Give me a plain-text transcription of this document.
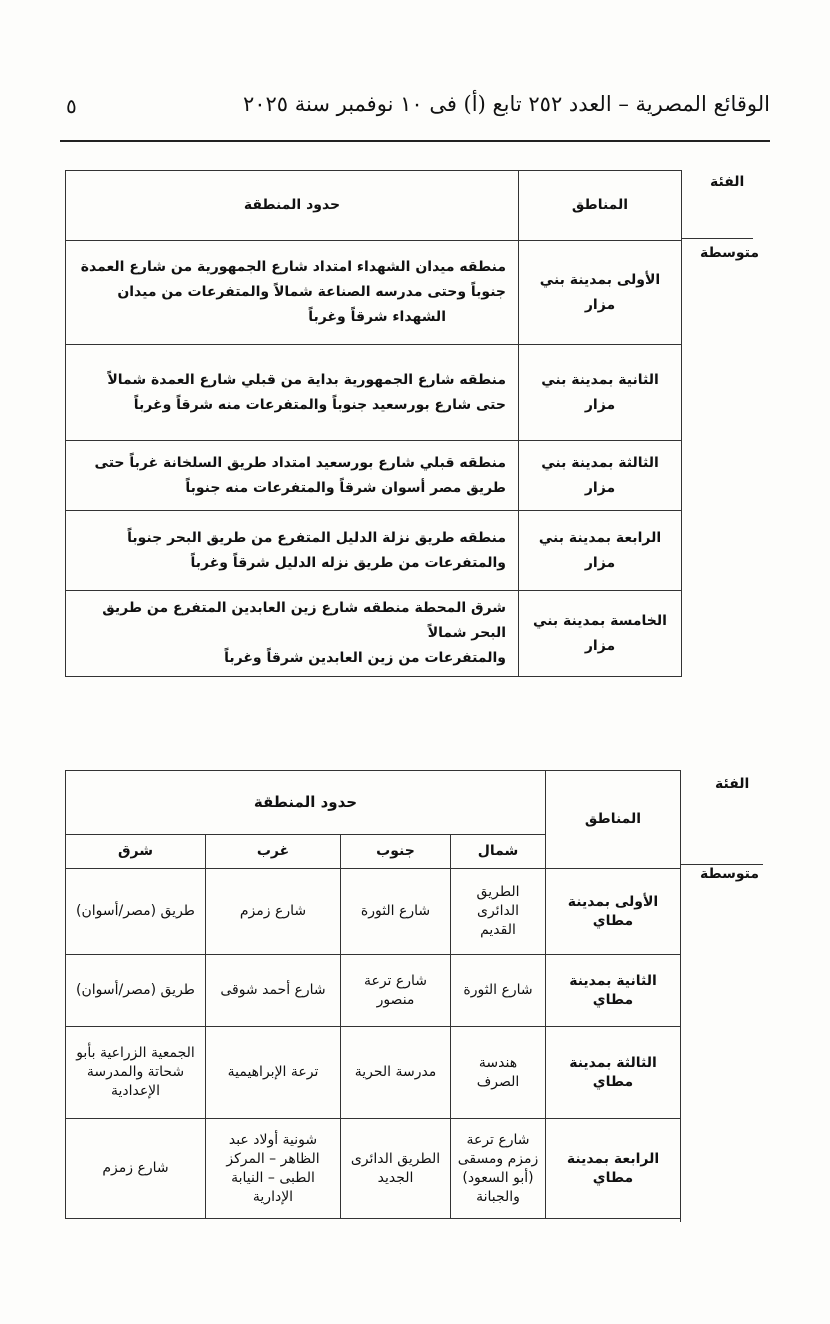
الوقائع المصرية – العدد ٢٥٢ تابع (أ) فى ١٠ نوفمبر سنة ٢٠٢٥
٥
الفئة
متوسطة
المناطق	حدود المنطقة
الأولى بمدينة بني مزار	منطقه ميدان الشهداء امتداد شارع الجمهورية من شارع العمدة
جنوباً وحتى مدرسه الصناعة شمالاً والمتفرعات من ميدان
الشهداء شرقاً وغرباً

الثانية بمدينة بني مزار	منطقه شارع الجمهورية بداية من قبلي شارع العمدة شمالاً
حتى شارع بورسعيد جنوباً والمتفرعات منه شرقاً وغرباً

الثالثة بمدينة بني مزار	منطقه قبلي شارع بورسعيد امتداد طريق السلخانة غرباً حتى
طريق مصر أسوان شرقاً والمتفرعات منه جنوباً

الرابعة بمدينة بني مزار	منطقه طريق نزلة الدليل المتفرع من طريق البحر جنوباً
والمتفرعات من طريق نزله الدليل شرقاً وغرباً

الخامسة بمدينة بني مزار	شرق المحطة منطقه شارع زين العابدين المتفرع من طريق البحر شمالاً
والمتفرعات من زين العابدين شرقاً وغرباً
الفئة
متوسطة
المناطق	حدود المنطقة			
	شمال	جنوب	غرب	شرق
الأولى بمدينة مطاي	الطريق الدائرى القديم	شارع الثورة	شارع زمزم	طريق (مصر/أسوان)
الثانية بمدينة مطاي	شارع الثورة	شارع ترعة منصور	شارع أحمد شوقى	طريق (مصر/أسوان)
الثالثة بمدينة مطاي	هندسة الصرف	مدرسة الحرية	ترعة الإبراهيمية	الجمعية الزراعية بأبو شحاتة والمدرسة الإعدادية
الرابعة بمدينة مطاي	شارع ترعة زمزم ومسقى (أبو السعود) والجبانة	الطريق الدائرى الجديد	شونية أولاد عبد الظاهر – المركز الطبى – النيابة الإدارية	شارع زمزم
